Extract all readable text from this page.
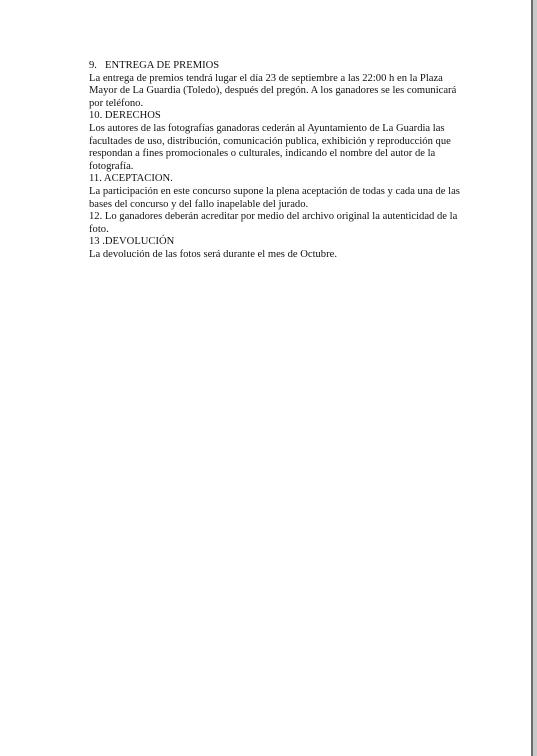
9. ENTREGA DE PREMIOS
La entrega de premios tendrá lugar el día 23 de septiembre a las 22:00 h en la Plaza Mayor de La Guardia (Toledo), después del pregón. A los ganadores se les comunicará por teléfono.
10. DERECHOS
Los autores de las fotografías ganadoras cederán al Ayuntamiento de La Guardia las facultades de uso, distribución, comunicación publica, exhibición y reproducción que respondan a fines promocionales o culturales, indicando el nombre del autor de la fotografía.
11. ACEPTACION.
La participación en este concurso supone la plena aceptación de todas y cada una de las bases del concurso y del fallo inapelable del jurado.
12. Lo ganadores deberán acreditar por medio del archivo original la autenticidad de la foto.
13 .DEVOLUCIÓN
La devolución de las fotos será durante el mes de Octubre.
